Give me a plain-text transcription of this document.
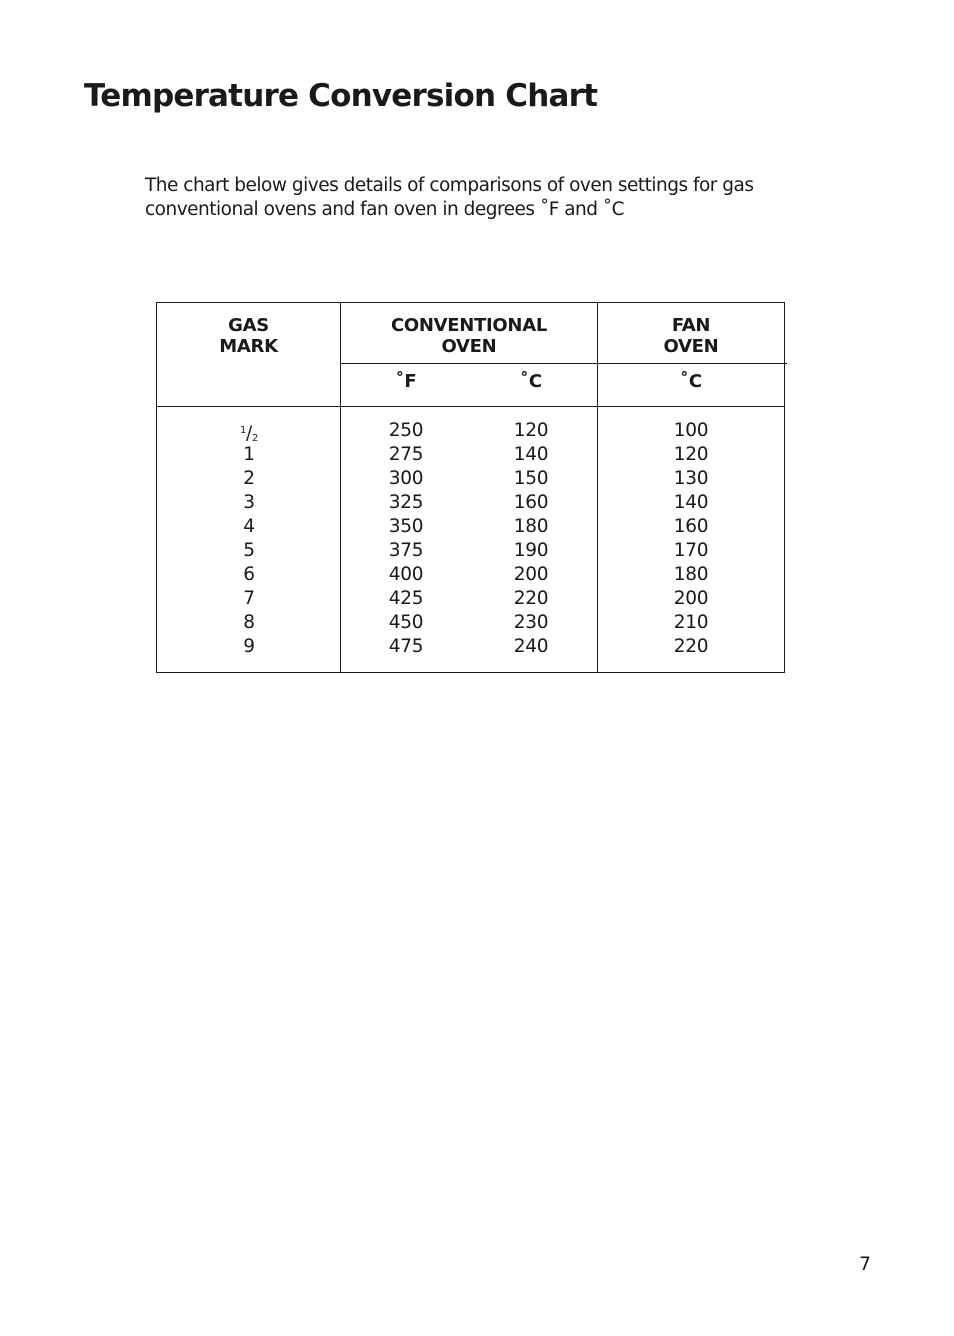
Temperature Conversion Chart

The chart below gives details of comparisons of oven settings for gas
conventional ovens and fan oven in degrees ˚F and ˚C

GAS
MARK
CONVENTIONAL
OVEN
FAN
OVEN
˚F	˚C	˚C
$^1$/2
1
2
3
4
5
6
7
8
9
250
275
300
325
350
375
400
425
450
475
120
140
150
160
180
190
200
220
230
240
100
120
130
140
160
170
180
200
210
220
7
